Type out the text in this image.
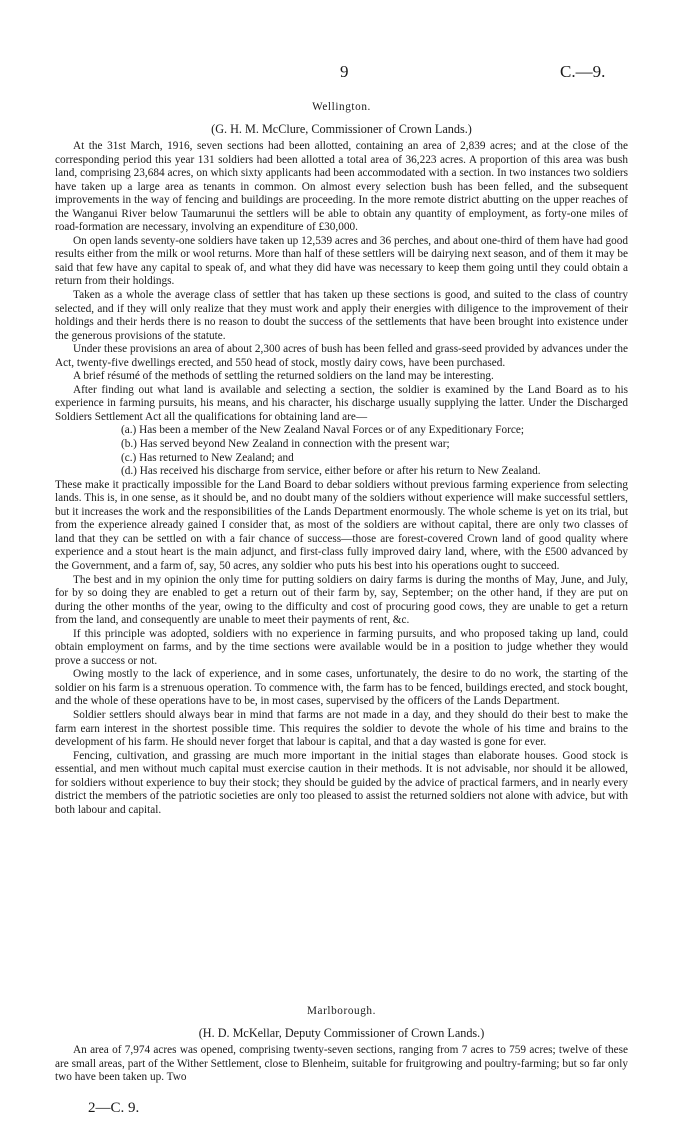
9	C.—9.

Wellington.

(G. H. M. McClure, Commissioner of Crown Lands.)

At the 31st March, 1916, seven sections had been allotted, containing an area of 2,839 acres; and at the close of the corresponding period this year 131 soldiers had been allotted a total area of 36,223 acres. A proportion of this area was bush land, comprising 23,684 acres, on which sixty applicants had been accommodated with a section. In two instances two soldiers have taken up a large area as tenants in common. On almost every selection bush has been felled, and the subsequent improvements in the way of fencing and buildings are proceeding. In the more remote district abutting on the upper reaches of the Wanganui River below Taumarunui the settlers will be able to obtain any quantity of employment, as forty-one miles of road-formation are necessary, involving an expenditure of £30,000.

On open lands seventy-one soldiers have taken up 12,539 acres and 36 perches, and about one-third of them have had good results either from the milk or wool returns. More than half of these settlers will be dairying next season, and of them it may be said that few have any capital to speak of, and what they did have was necessary to keep them going until they could obtain a return from their holdings.

Taken as a whole the average class of settler that has taken up these sections is good, and suited to the class of country selected, and if they will only realize that they must work and apply their energies with diligence to the improvement of their holdings and their herds there is no reason to doubt the success of the settlements that have been brought into existence under the generous provisions of the statute.

Under these provisions an area of about 2,300 acres of bush has been felled and grass-seed provided by advances under the Act, twenty-five dwellings erected, and 550 head of stock, mostly dairy cows, have been purchased.

A brief résumé of the methods of settling the returned soldiers on the land may be interesting.

After finding out what land is available and selecting a section, the soldier is examined by the Land Board as to his experience in farming pursuits, his means, and his character, his discharge usually supplying the latter. Under the Discharged Soldiers Settlement Act all the qualifications for obtaining land are—

(a.) Has been a member of the New Zealand Naval Forces or of any Expeditionary Force;
(b.) Has served beyond New Zealand in connection with the present war;
(c.) Has returned to New Zealand; and
(d.) Has received his discharge from service, either before or after his return to New Zealand.

These make it practically impossible for the Land Board to debar soldiers without previous farming experience from selecting lands. This is, in one sense, as it should be, and no doubt many of the soldiers without experience will make successful settlers, but it increases the work and the responsibilities of the Lands Department enormously. The whole scheme is yet on its trial, but from the experience already gained I consider that, as most of the soldiers are without capital, there are only two classes of land that they can be settled on with a fair chance of success—those are forest-covered Crown land of good quality where experience and a stout heart is the main adjunct, and first-class fully improved dairy land, where, with the £500 advanced by the Government, and a farm of, say, 50 acres, any soldier who puts his best into his operations ought to succeed.

The best and in my opinion the only time for putting soldiers on dairy farms is during the months of May, June, and July, for by so doing they are enabled to get a return out of their farm by, say, September; on the other hand, if they are put on during the other months of the year, owing to the difficulty and cost of procuring good cows, they are unable to get a return from the land, and consequently are unable to meet their payments of rent, &c.

If this principle was adopted, soldiers with no experience in farming pursuits, and who proposed taking up land, could obtain employment on farms, and by the time sections were available would be in a position to judge whether they would prove a success or not.

Owing mostly to the lack of experience, and in some cases, unfortunately, the desire to do no work, the starting of the soldier on his farm is a strenuous operation. To commence with, the farm has to be fenced, buildings erected, and stock bought, and the whole of these operations have to be, in most cases, supervised by the officers of the Lands Department.

Soldier settlers should always bear in mind that farms are not made in a day, and they should do their best to make the farm earn interest in the shortest possible time. This requires the soldier to devote the whole of his time and brains to the development of his farm. He should never forget that labour is capital, and that a day wasted is gone for ever.

Fencing, cultivation, and grassing are much more important in the initial stages than elaborate houses. Good stock is essential, and men without much capital must exercise caution in their methods. It is not advisable, nor should it be allowed, for soldiers without experience to buy their stock; they should be guided by the advice of practical farmers, and in nearly every district the members of the patriotic societies are only too pleased to assist the returned soldiers not alone with advice, but with both labour and capital.

Marlborough.

(H. D. McKellar, Deputy Commissioner of Crown Lands.)

An area of 7,974 acres was opened, comprising twenty-seven sections, ranging from 7 acres to 759 acres; twelve of these are small areas, part of the Wither Settlement, close to Blenheim, suitable for fruitgrowing and poultry-farming; but so far only two have been taken up. Two

2—C. 9.
